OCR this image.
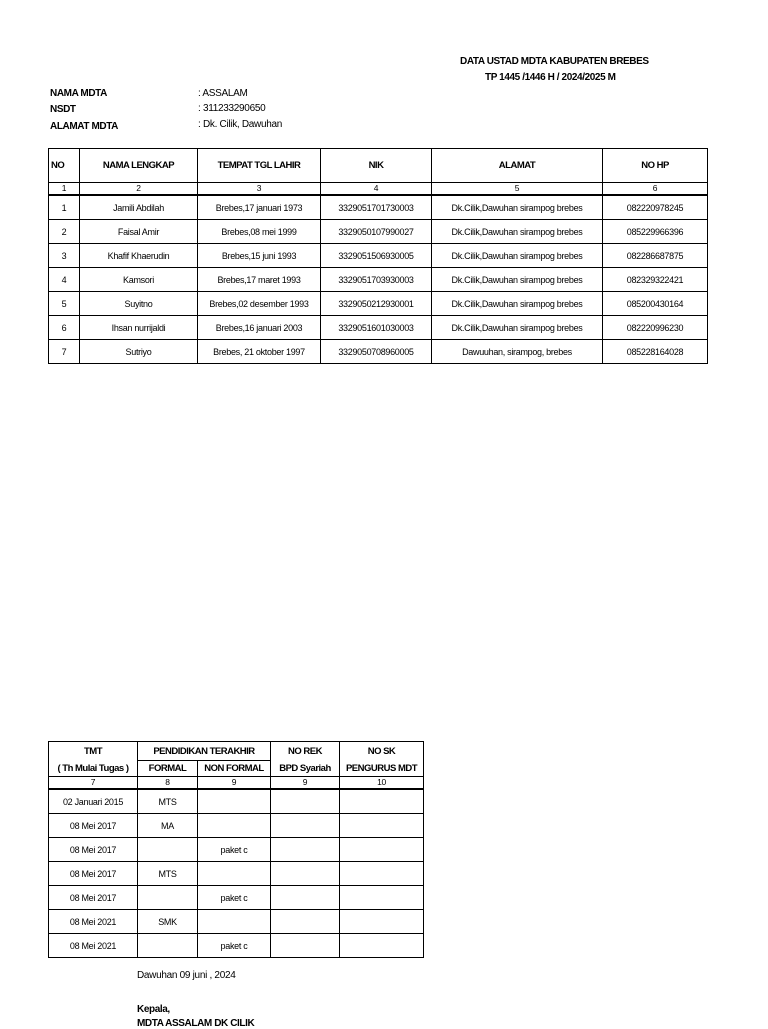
DATA USTAD MDTA KABUPATEN BREBES
TP 1445 /1446 H / 2024/2025 M
NAMA MDTA	: ASSALAM
NSDT	: 311233290650
ALAMAT MDTA	: Dk. Cilik, Dawuhan
NO	NAMA LENGKAP	TEMPAT TGL LAHIR	NIK	ALAMAT	NO HP
1	2	3	4	5	6
1	Jamili Abdilah	Brebes,17 januari 1973	3329051701730003	Dk.Cilik,Dawuhan sirampog brebes	082220978245
2	Faisal Amir	Brebes,08 mei 1999	3329050107990027	Dk.Cilik,Dawuhan sirampog brebes	085229966396
3	Khafif Khaerudin	Brebes,15 juni 1993	3329051506930005	Dk.Cilik,Dawuhan sirampog brebes	082286687875
4	Kamsori	Brebes,17 maret 1993	3329051703930003	Dk.Cilik,Dawuhan sirampog brebes	082329322421
5	Suyitno	Brebes,02 desember 1993	3329050212930001	Dk.Cilik,Dawuhan sirampog brebes	085200430164
6	Ihsan nurrijaldi	Brebes,16 januari 2003	3329051601030003	Dk.Cilik,Dawuhan sirampog brebes	082220996230
7	Sutriyo	Brebes, 21 oktober 1997	3329050708960005	Dawuuhan, sirampog, brebes	085228164028
TMT	PENDIDIKAN TERAKHIR		NO REK	NO SK
( Th Mulai Tugas )	FORMAL	NON FORMAL	BPD Syariah	PENGURUS MDT
7	8	9	9	10
02 Januari 2015	MTS			
08 Mei 2017	MA			
08 Mei 2017		paket c		
08 Mei 2017	MTS			
08 Mei 2017		paket c		
08 Mei 2021	SMK			
08 Mei 2021		paket c		
Dawuhan 09 juni , 2024
Kepala,
MDTA ASSALAM DK CILIK
